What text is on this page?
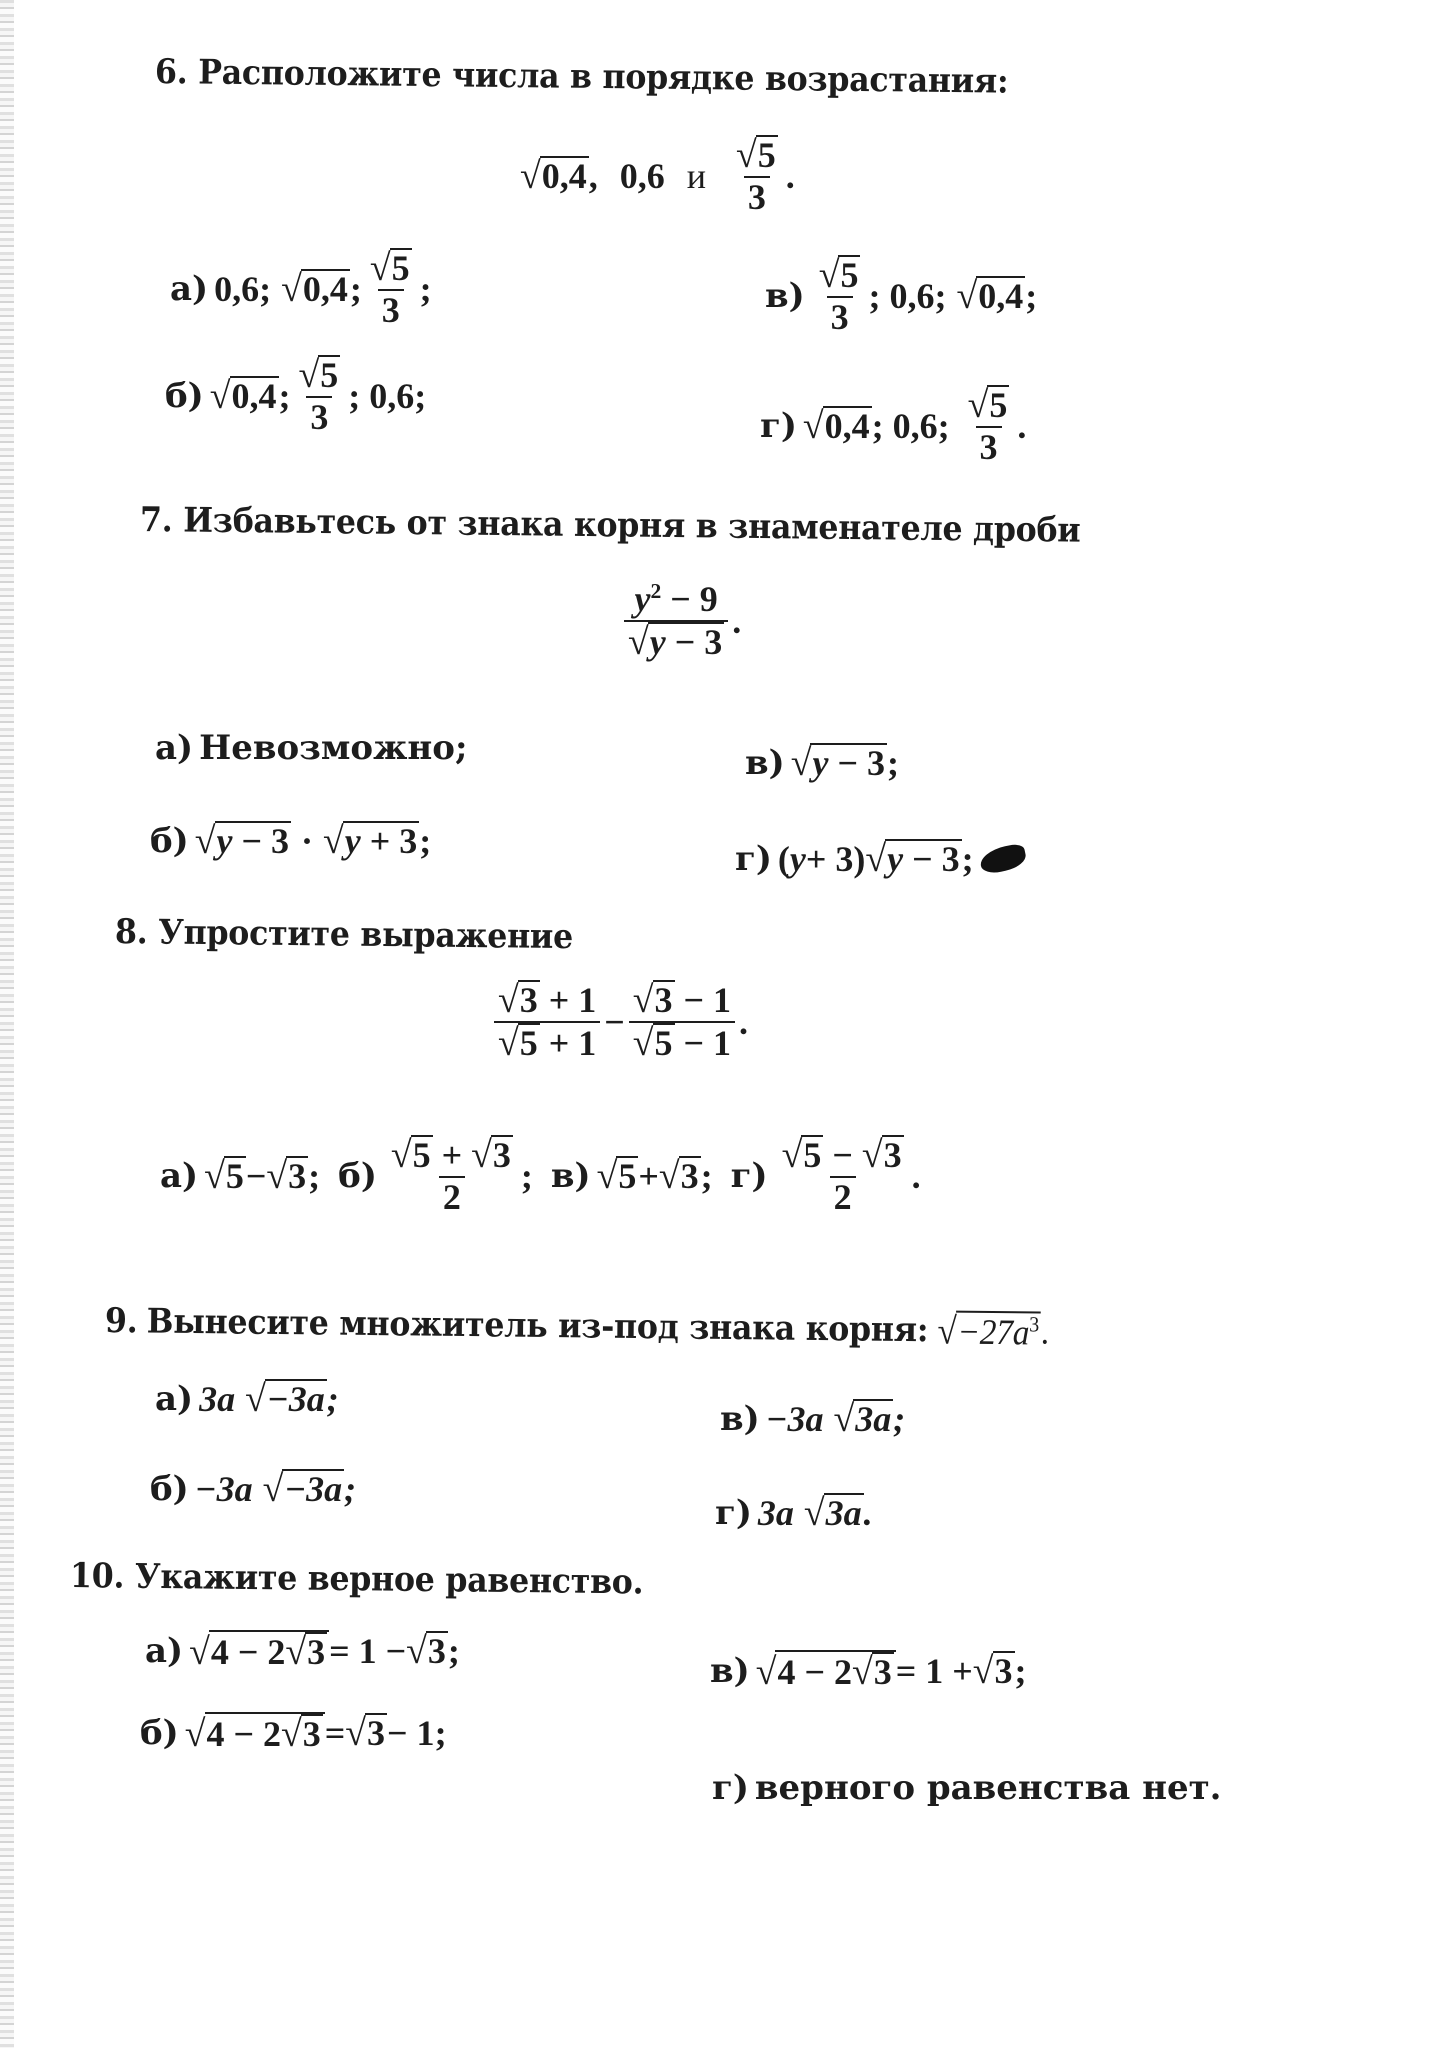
6. Расположите числа в порядке возрастания:
√ 0,4 , 0,6 и $\frac{√ 5}{3}$ .
а) 0,6; √ 0,4 ; $\frac{√ 5}{3}$ ;	$в) \frac{√ 5}{3}$ ; 0,6; √ 0,4 ;
б) √ 0,4 ; $\frac{√ 5}{3}$ ; 0,6;
г) √ 0,4 ; 0,6; $\frac{√ 5}{3}$ .
7. Избавьтесь от знака корня в знаменателе дроби
$\frac{y^2 - 9}{√ y - 3}$ .
а) Невозможно;	в) √ y − 3 ;
б) √ y − 3 · √ y + 3 ;	г) ( y + 3) √ y − 3 ;
8. Упростите выражение
$\frac{√ 3 + 1}{√ 5 + 1} - \frac{√ 3 - 1}{√ 5 - 1}$ .
а) √ 5 − √ 3 ; $б) \frac{√ 5 + √ 3}{2}$ ; в) √ 5 + √ 3 ; $г) \frac{√ 5 - √ 3}{2}$ .
9. Вынесите множитель из-под знака корня: √ $-27a^3$ .
а) 3 a √ −3a ;	в) −3 a √ 3a ;
б) −3 a √ −3a ;
г) 3 a √ 3a .
10. Укажите верное равенство.
а) √ 4 − 2 √ 3 = 1 − √ 3 ;	в) √ 4 − 2 √ 3 = 1 + √ 3 ;
б) √ 4 − 2 √ 3 = √ 3 − 1 ;
г) верного равенства нет.
